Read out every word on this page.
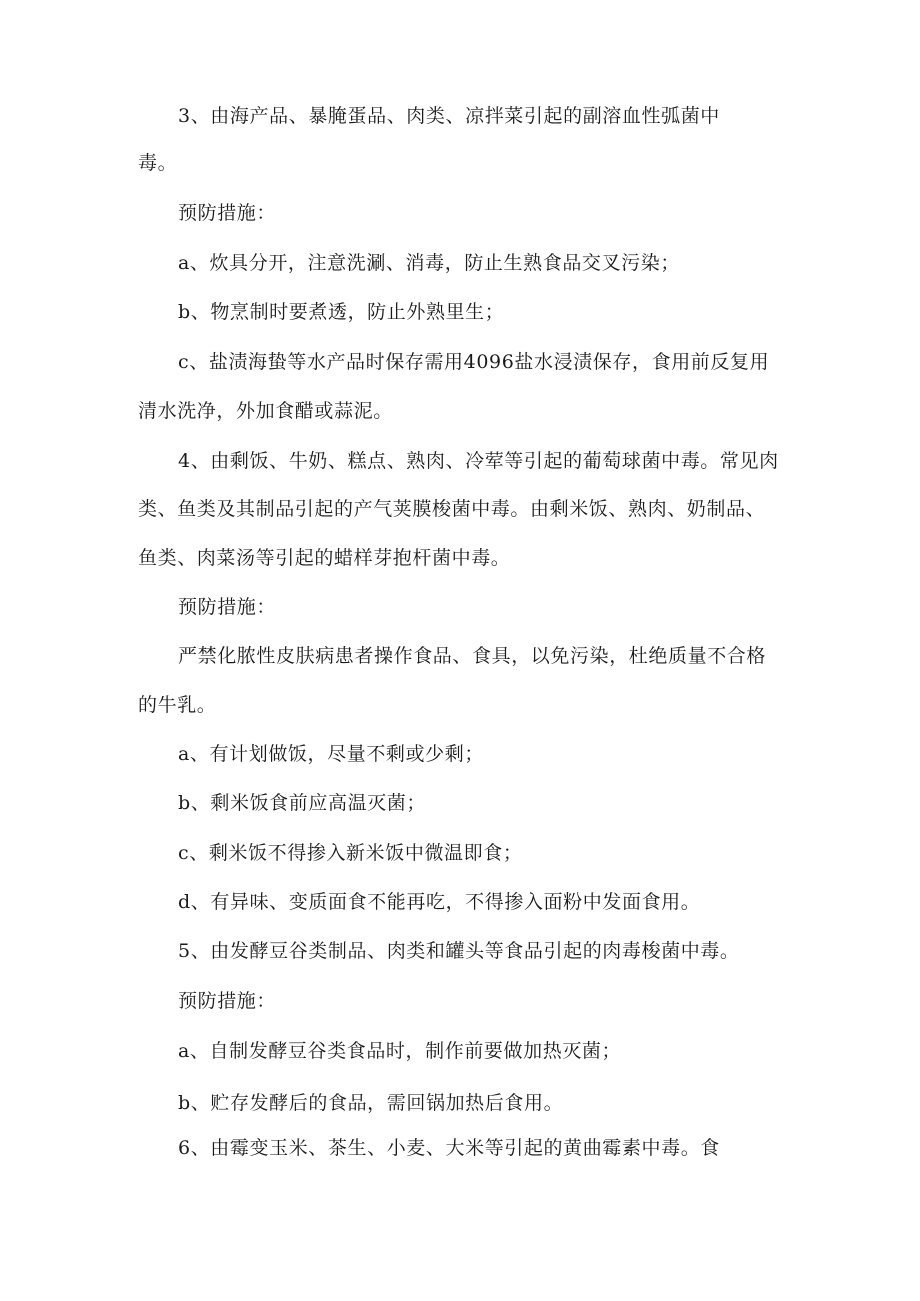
3、由海产品、暴腌蛋品、肉类、凉拌菜引起的副溶血性弧菌中
毒。
预防措施：
a、炊具分开，注意洗涮、消毒，防止生熟食品交叉污染；
b、物烹制时要煮透，防止外熟里生；
c、盐渍海蛰等水产品时保存需用4096盐水浸渍保存，食用前反复用
清水洗净，外加食醋或蒜泥。
4、由剩饭、牛奶、糕点、熟肉、冷荤等引起的葡萄球菌中毒。常见肉
类、鱼类及其制品引起的产气荚膜梭菌中毒。由剩米饭、熟肉、奶制品、
鱼类、肉菜汤等引起的蜡样芽抱杆菌中毒。
预防措施：
严禁化脓性皮肤病患者操作食品、食具，以免污染，杜绝质量不合格
的牛乳。
a、有计划做饭，尽量不剩或少剩；
b、剩米饭食前应高温灭菌；
c、剩米饭不得掺入新米饭中微温即食；
d、有异味、变质面食不能再吃，不得掺入面粉中发面食用。
5、由发酵豆谷类制品、肉类和罐头等食品引起的肉毒梭菌中毒。
预防措施：
a、自制发酵豆谷类食品时，制作前要做加热灭菌；
b、贮存发酵后的食品，需回锅加热后食用。
6、由霉变玉米、茶生、小麦、大米等引起的黄曲霉素中毒。食
